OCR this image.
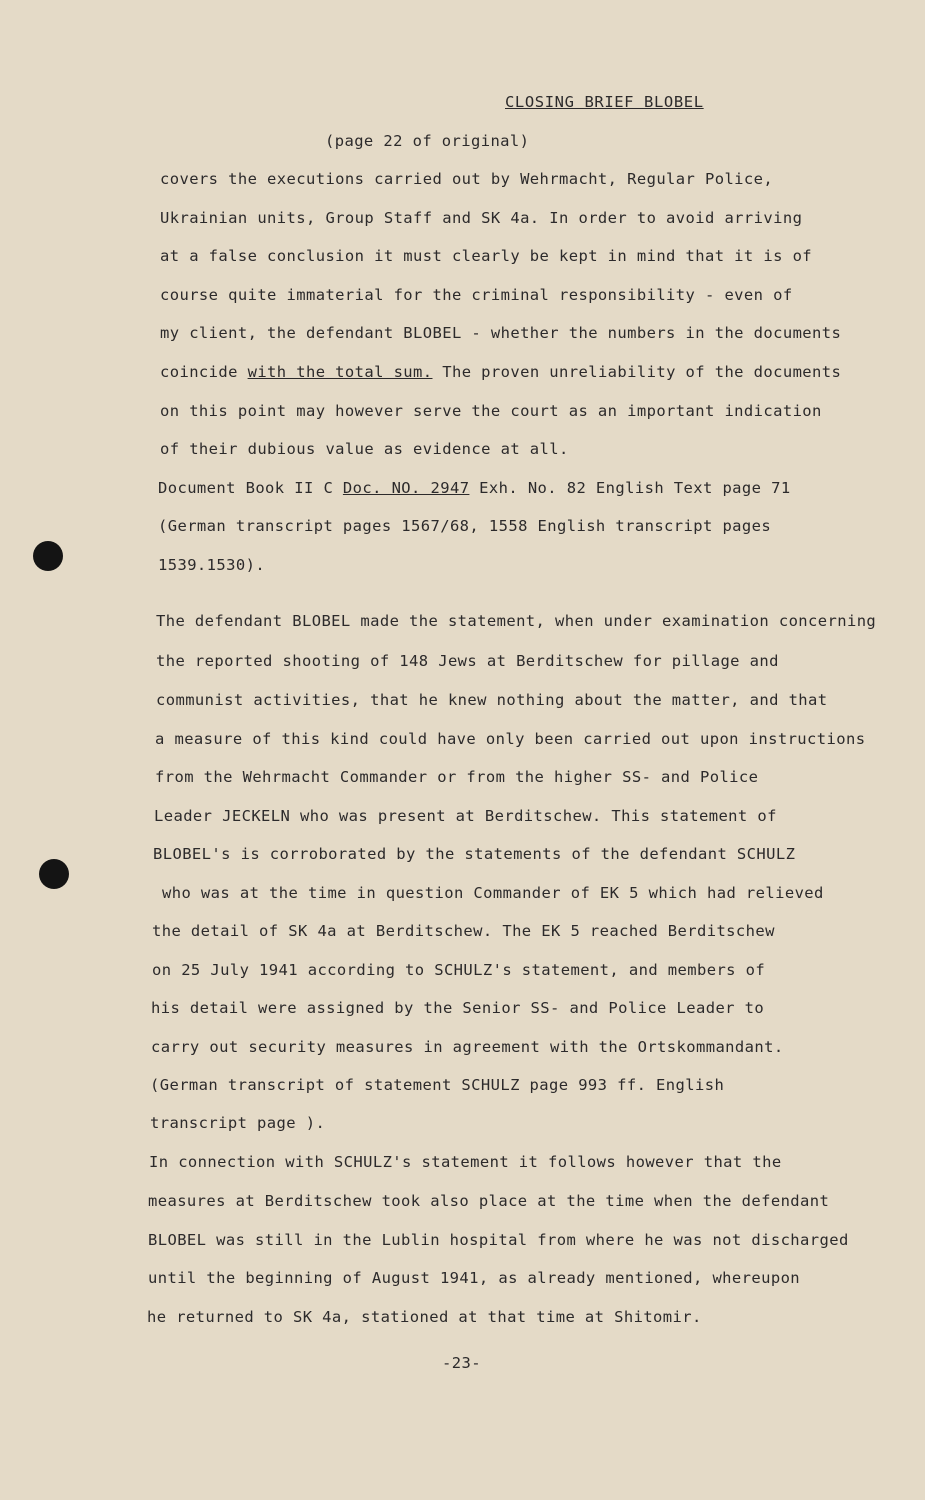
CLOSING BRIEF BLOBEL
(page 22 of original)
covers the executions carried out by Wehrmacht, Regular Police,
Ukrainian units, Group Staff and SK 4a. In order to avoid arriving
at a false conclusion it must clearly be kept in mind that it is of
course quite immaterial for the criminal responsibility - even of
my client, the defendant BLOBEL - whether the numbers in the documents
coincide with the total sum. The proven unreliability of the documents
on this point may however serve the court as an important indication
of their dubious value as evidence at all.
Document Book II C Doc. NO. 2947 Exh. No. 82 English Text page 71
(German transcript pages 1567/68, 1558 English transcript pages
1539.1530).
The defendant BLOBEL made the statement, when under examination concerning
the reported shooting of 148 Jews at Berditschew for pillage and
communist activities, that he knew nothing about the matter, and that
a measure of this kind could have only been carried out upon instructions
from the Wehrmacht Commander or from the higher SS- and Police
Leader JECKELN who was present at Berditschew. This statement of
BLOBEL's is corroborated by the statements of the defendant SCHULZ
who was at the time in question Commander of EK 5 which had relieved
the detail of SK 4a at Berditschew. The EK 5 reached Berditschew
on 25 July 1941 according to SCHULZ's statement, and members of
his detail were assigned by the Senior SS- and Police Leader to
carry out security measures in agreement with the Ortskommandant.
(German transcript of statement SCHULZ page 993 ff. English
transcript page ).
In connection with SCHULZ's statement it follows however that the
measures at Berditschew took also place at the time when the defendant
BLOBEL was still in the Lublin hospital from where he was not discharged
until the beginning of August 1941, as already mentioned, whereupon
he returned to SK 4a, stationed at that time at Shitomir.
-23-
